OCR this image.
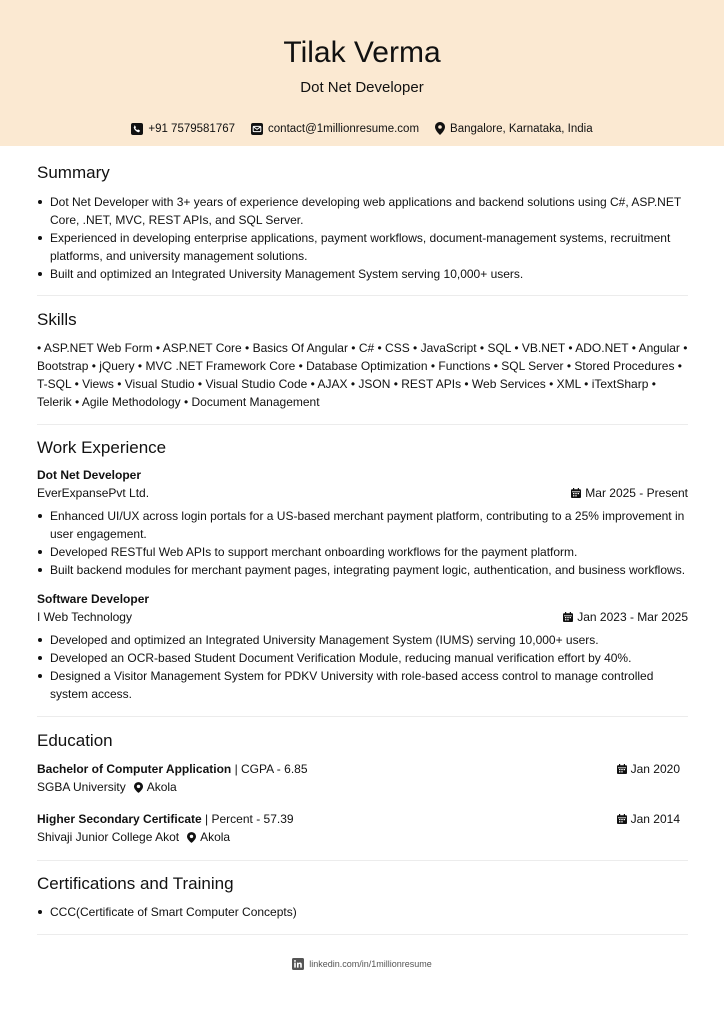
Tilak Verma
Dot Net Developer
+91 7579581767	contact@1millionresume.com	Bangalore, Karnataka, India
Summary
Dot Net Developer with 3+ years of experience developing web applications and backend solutions using C#, ASP.NET Core, .NET, MVC, REST APIs, and SQL Server.
Experienced in developing enterprise applications, payment workflows, document-management systems, recruitment platforms, and university management solutions.
Built and optimized an Integrated University Management System serving 10,000+ users.
Skills
• ASP.NET Web Form • ASP.NET Core • Basics Of Angular • C# • CSS • JavaScript • SQL • VB.NET • ADO.NET • Angular • Bootstrap • jQuery • MVC .NET Framework Core • Database Optimization • Functions • SQL Server • Stored Procedures • T-SQL • Views • Visual Studio • Visual Studio Code • AJAX • JSON • REST APIs • Web Services • XML • iTextSharp • Telerik • Agile Methodology • Document Management
Work Experience
Dot Net Developer
EverExpansePvt Ltd.	Mar 2025 - Present
Enhanced UI/UX across login portals for a US-based merchant payment platform, contributing to a 25% improvement in user engagement.
Developed RESTful Web APIs to support merchant onboarding workflows for the payment platform.
Built backend modules for merchant payment pages, integrating payment logic, authentication, and business workflows.
Software Developer
I Web Technology	Jan 2023 - Mar 2025
Developed and optimized an Integrated University Management System (IUMS) serving 10,000+ users.
Developed an OCR-based Student Document Verification Module, reducing manual verification effort by 40%.
Designed a Visitor Management System for PDKV University with role-based access control to manage controlled system access.
Education
Bachelor of Computer Application | CGPA - 6.85	Jan 2020
SGBA University Akola
Higher Secondary Certificate | Percent - 57.39	Jan 2014
Shivaji Junior College Akot Akola
Certifications and Training
CCC(Certificate of Smart Computer Concepts)
linkedin.com/in/1millionresume
